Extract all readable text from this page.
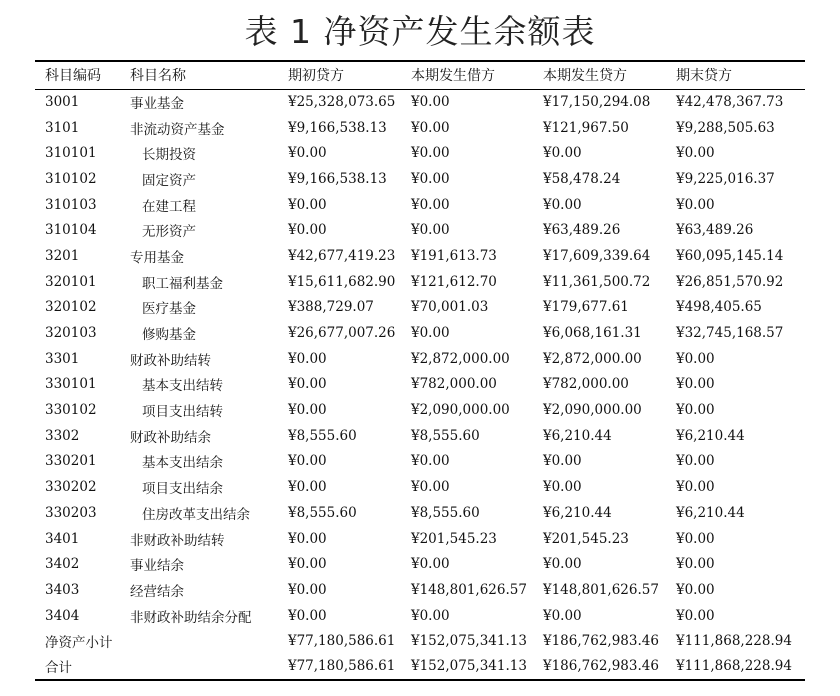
表 1 净资产发生余额表
科目编码	科目名称	期初贷方	本期发生借方	本期发生贷方	期末贷方
3001	事业基金	¥25,328,073.65	¥0.00	¥17,150,294.08	¥42,478,367.73
3101	非流动资产基金	¥9,166,538.13	¥0.00	¥121,967.50	¥9,288,505.63
310101	长期投资	¥0.00	¥0.00	¥0.00	¥0.00
310102	固定资产	¥9,166,538.13	¥0.00	¥58,478.24	¥9,225,016.37
310103	在建工程	¥0.00	¥0.00	¥0.00	¥0.00
310104	无形资产	¥0.00	¥0.00	¥63,489.26	¥63,489.26
3201	专用基金	¥42,677,419.23	¥191,613.73	¥17,609,339.64	¥60,095,145.14
320101	职工福利基金	¥15,611,682.90	¥121,612.70	¥11,361,500.72	¥26,851,570.92
320102	医疗基金	¥388,729.07	¥70,001.03	¥179,677.61	¥498,405.65
320103	修购基金	¥26,677,007.26	¥0.00	¥6,068,161.31	¥32,745,168.57
3301	财政补助结转	¥0.00	¥2,872,000.00	¥2,872,000.00	¥0.00
330101	基本支出结转	¥0.00	¥782,000.00	¥782,000.00	¥0.00
330102	项目支出结转	¥0.00	¥2,090,000.00	¥2,090,000.00	¥0.00
3302	财政补助结余	¥8,555.60	¥8,555.60	¥6,210.44	¥6,210.44
330201	基本支出结余	¥0.00	¥0.00	¥0.00	¥0.00
330202	项目支出结余	¥0.00	¥0.00	¥0.00	¥0.00
330203	住房改革支出结余	¥8,555.60	¥8,555.60	¥6,210.44	¥6,210.44
3401	非财政补助结转	¥0.00	¥201,545.23	¥201,545.23	¥0.00
3402	事业结余	¥0.00	¥0.00	¥0.00	¥0.00
3403	经营结余	¥0.00	¥148,801,626.57	¥148,801,626.57	¥0.00
3404	非财政补助结余分配	¥0.00	¥0.00	¥0.00	¥0.00
净资产小计		¥77,180,586.61	¥152,075,341.13	¥186,762,983.46	¥111,868,228.94
合计		¥77,180,586.61	¥152,075,341.13	¥186,762,983.46	¥111,868,228.94
